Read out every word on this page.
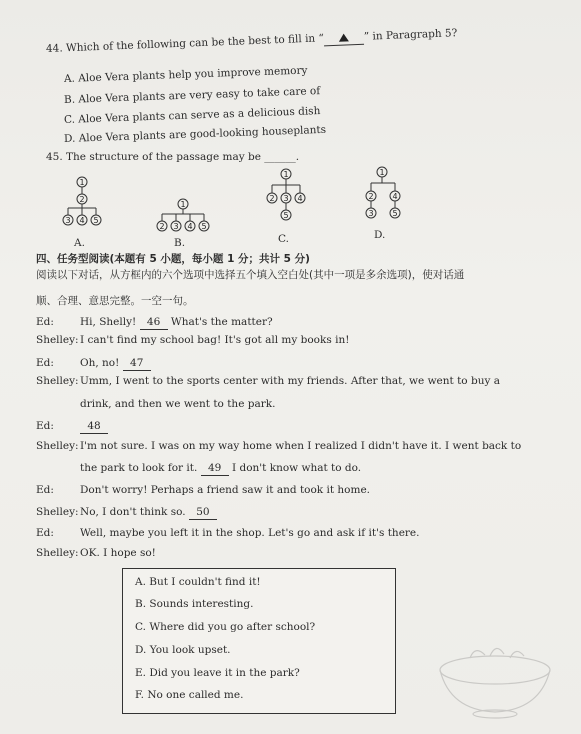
44. Which of the following can be the best to fill in “	” in Paragraph 5?
A. Aloe Vera plants help you improve memory
B. Aloe Vera plants are very easy to take care of
C. Aloe Vera plants can serve as a delicious dish
D. Aloe Vera plants are good-looking houseplants
45. The structure of the passage may be ______.
1
2
3 4 5
A.
1
2 3 4 5
B.
1
2 3 4
5
C.
1
2 4
3 5
D.
四、任务型阅读(本题有 5 小题，每小题 1 分；共计 5 分)
阅读以下对话，从方框内的六个选项中选择五个填入空白处(其中一项是多余选项)，使对话通
顺、合理、意思完整。一空一句。
Ed: Hi, Shelly! 46 What's the matter?
Shelley:I can't find my school bag! It's got all my books in!
Ed: Oh, no! 47
Shelley:Umm, I went to the sports center with my friends. After that, we went to buy a
drink, and then we went to the park.
Ed:	48
Shelley:I'm not sure. I was on my way home when I realized I didn't have it. I went back to
the park to look for it. 49 I don't know what to do.
Ed: Don't worry! Perhaps a friend saw it and took it home.
Shelley:No, I don't think so. 50
Ed: Well, maybe you left it in the shop. Let's go and ask if it's there.
Shelley:OK. I hope so!
A. But I couldn't find it!
B. Sounds interesting.
C. Where did you go after school?
D. You look upset.
E. Did you leave it in the park?
F. No one called me.
